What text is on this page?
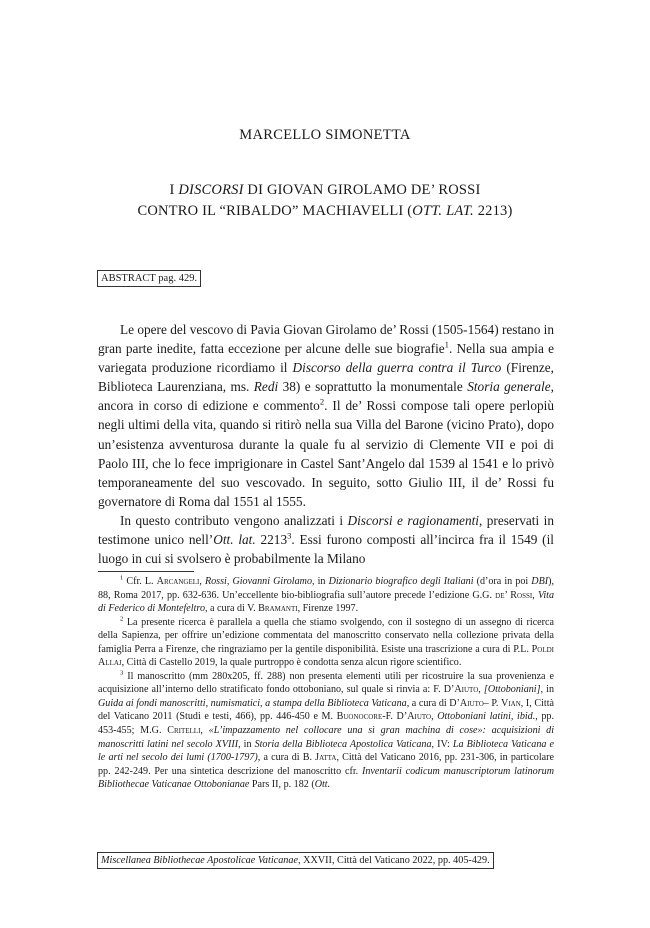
MARCELLO SIMONETTA
I DISCORSI DI GIOVAN GIROLAMO DE’ ROSSI
CONTRO IL “RIBALDO” MACHIAVELLI (OTT. LAT. 2213)
ABSTRACT pag. 429.

Le opere del vescovo di Pavia Giovan Girolamo de’ Rossi (1505-1564) restano in gran parte inedite, fatta eccezione per alcune delle sue biografie$^1$. Nella sua ampia e variegata produzione ricordiamo il Discorso della guerra contra il Turco (Firenze, Biblioteca Laurenziana, ms. Redi 38) e soprattutto la monumentale Storia generale, ancora in corso di edizione e commento$^2$. Il de’ Rossi compose tali opere perlopiù negli ultimi della vita, quando si ritirò nella sua Villa del Barone (vicino Prato), dopo un’esistenza avventurosa durante la quale fu al servizio di Clemente VII e poi di Paolo III, che lo fece imprigionare in Castel Sant’Angelo dal 1539 al 1541 e lo privò temporaneamente del suo vescovado. In seguito, sotto Giulio III, il de’ Rossi fu governatore di Roma dal 1551 al 1555.

In questo contributo vengono analizzati i Discorsi e ragionamenti, preservati in testimone unico nell’Ott. lat. 2213$^3$. Essi furono composti all’incirca fra il 1549 (il luogo in cui si svolsero è probabilmente la Milano

$^1$ Cfr. L. Arcangeli, Rossi, Giovanni Girolamo, in Dizionario biografico degli Italiani (d’ora in poi DBI), 88, Roma 2017, pp. 632-636. Un’eccellente bio-bibliografia sull’autore precede l’edizione G.G. de’ Rossi, Vita di Federico di Montefeltro, a cura di V. Bramanti, Firenze 1997.

$^2$ La presente ricerca è parallela a quella che stiamo svolgendo, con il sostegno di un assegno di ricerca della Sapienza, per offrire un’edizione commentata del manoscritto conservato nella collezione privata della famiglia Perra a Firenze, che ringraziamo per la gentile disponibilità. Esiste una trascrizione a cura di P.L. Poldi Allaj, Città di Castello 2019, la quale purtroppo è condotta senza alcun rigore scientifico.

$^3$ Il manoscritto (mm 280x205, ff. 288) non presenta elementi utili per ricostruire la sua provenienza e acquisizione all’interno dello stratificato fondo ottoboniano, sul quale si rinvia a: F. D’Aiuto, [Ottoboniani], in Guida ai fondi manoscritti, numismatici, a stampa della Biblioteca Vaticana, a cura di D’Aiuto– P. Vian, I, Città del Vaticano 2011 (Studi e testi, 466), pp. 446-450 e M. Buonocore-F. D’Aiuto, Ottoboniani latini, ibid., pp. 453-455; M.G. Critelli, «L’impazzamento nel collocare una sì gran machina di cose»: acquisizioni di manoscritti latini nel secolo XVIII, in Storia della Biblioteca Apostolica Vaticana, IV: La Biblioteca Vaticana e le arti nel secolo dei lumi (1700-1797), a cura di B. Jatta, Città del Vaticano 2016, pp. 231-306, in particolare pp. 242-249. Per una sintetica descrizione del manoscritto cfr. Inventarii codicum manuscriptorum latinorum Bibliothecae Vaticanae Ottobonianae Pars II, p. 182 (Ott.

Miscellanea Bibliothecae Apostolicae Vaticanae, XXVII, Città del Vaticano 2022, pp. 405-429.
